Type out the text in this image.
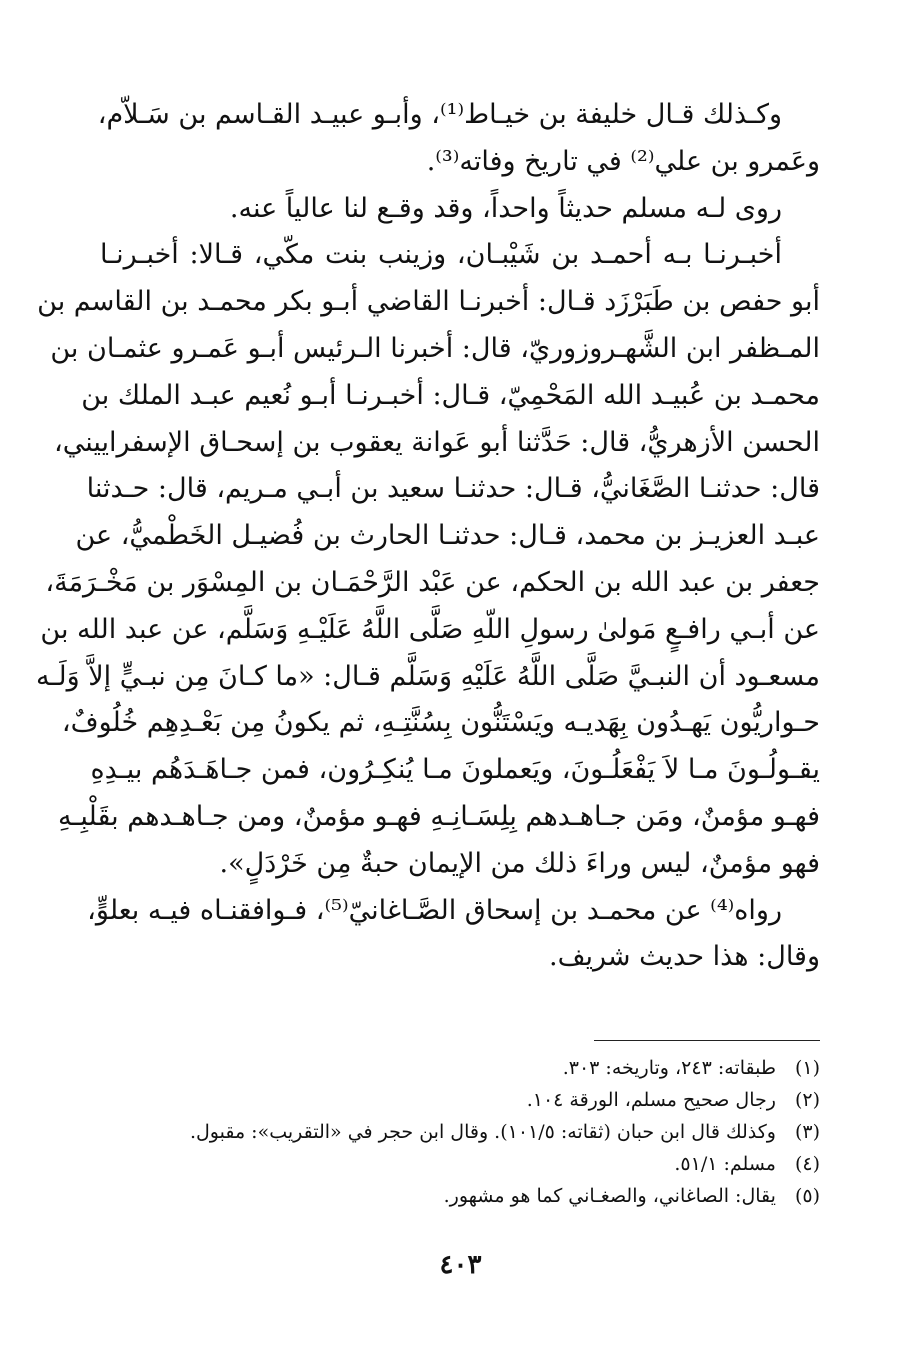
وكـذلك قـال خليفة بن خيـاط⁽¹⁾، وأبـو عبيـد القـاسم بن سَـلاّم،
وعَمرو بن علي⁽²⁾ في تاريخ وفاته⁽³⁾.
روى لـه مسلم حديثاً واحداً، وقد وقـع لنا عالياً عنه.
أخبـرنـا بـه أحمـد بن شَيْبـان، وزينب بنت مكّي، قـالا: أخبـرنـا
أبو حفص بن طَبَرْزَد قـال: أخبرنـا القاضي أبـو بكر محمـد بن القاسم بن
المـظفر ابن الشَّهـروزوريّ، قال: أخبرنا الـرئيس أبـو عَمـرو عثمـان بن
محمـد بن عُبيـد الله المَحْمِيّ، قـال: أخبـرنـا أبـو نُعيم عبـد الملك بن
الحسن الأزهريُّ، قال: حَدَّثنا أبو عَوانة يعقوب بن إسحـاق الإسفراييني،
قال: حدثنـا الصَّغَانيُّ، قـال: حدثنـا سعيد بن أبـي مـريم، قال: حـدثنا
عبـد العزيـز بن محمد، قـال: حدثنـا الحارث بن فُضيـل الخَطْميُّ، عن
جعفر بن عبد الله بن الحكم، عن عَبْد الرَّحْمَـان بن المِسْوَر بن مَخْـرَمَةَ،
عن أبـي رافـعٍ مَولىٰ رسولِ اللّهِ صَلَّى اللَّهُ عَلَيْـهِ وَسَلَّم، عن عبد الله بن
مسعـود أن النبـيَّ صَلَّى اللَّهُ عَلَيْهِ وَسَلَّم قـال: «ما كـانَ مِن نبـيٍّ إلاَّ وَلَـه
حـواريُّون يَهـدُون بِهَديـه ويَسْتَنُّون بِسُنَّتِـهِ، ثم يكونُ مِن بَعْـدِهِم خُلُوفٌ،
يقـولُـونَ مـا لاَ يَفْعَلُـونَ، ويَعملونَ مـا يُنكِـرُون، فمن جـاهَـدَهُم بيـدِهِ
فهـو مؤمنٌ، ومَن جـاهـدهم بِلِسَـانِـهِ فهـو مؤمنٌ، ومن جـاهـدهم بقَلْبِـهِ
فهو مؤمنٌ، ليس وراءَ ذلك من الإيمان حبةٌ مِن خَرْدَلٍ».
رواه⁽⁴⁾ عن محمـد بن إسحاق الصَّـاغانيّ⁽⁵⁾، فـوافقنـاه فيـه بعلوٍّ،
وقال: هذا حديث شريف.
(١) طبقاته: ٢٤٣، وتاريخه: ٣٠٣.
(٢) رجال صحيح مسلم، الورقة ١٠٤.
(٣) وكذلك قال ابن حبان (ثقاته: ١٠١/٥). وقال ابن حجر في «التقريب»: مقبول.
(٤) مسلم: ٥١/١.
(٥) يقال: الصاغاني، والصغـاني كما هو مشهور.
٤٠٣
